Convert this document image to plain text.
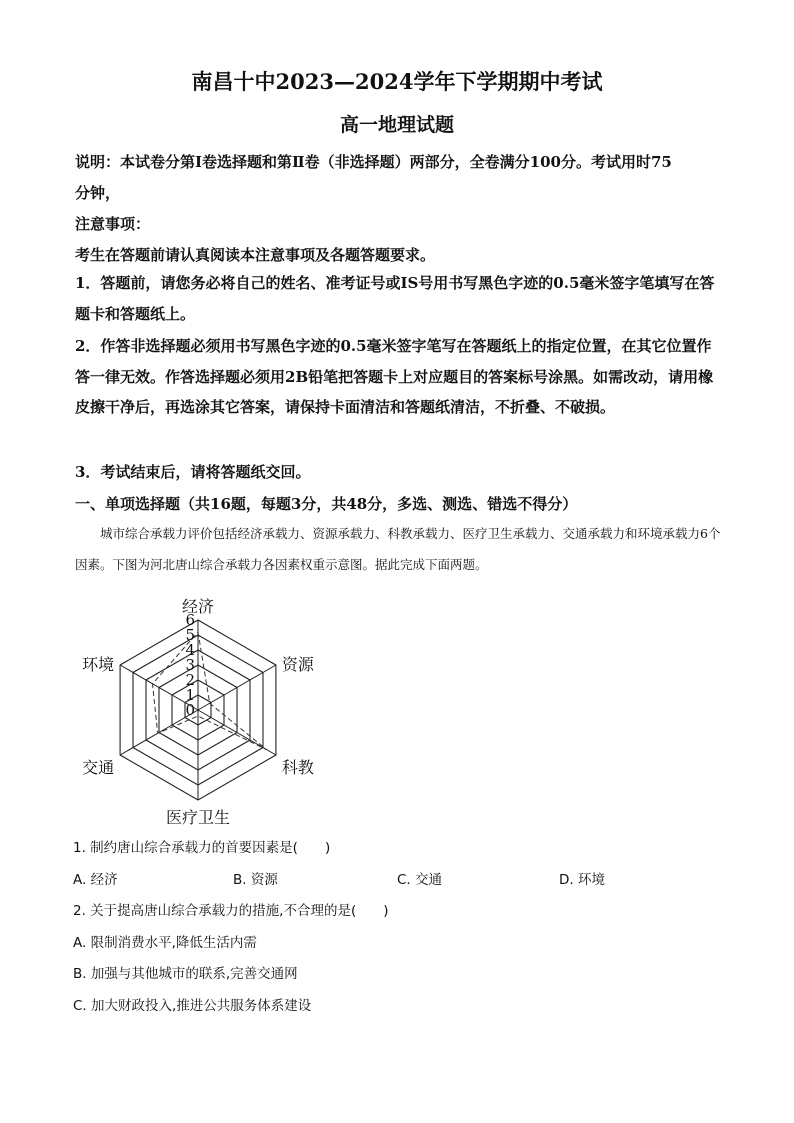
南昌十中2023—2024学年下学期期中考试
高一地理试题
说明：本试卷分第Ⅰ卷选择题和第Ⅱ卷（非选择题）两部分，全卷满分100分。考试用时75
分钟，
注意事项：
考生在答题前请认真阅读本注意事项及各题答题要求。

1．答题前，请您务必将自己的姓名、准考证号或IS号用书写黑色字迹的0.5毫米签字笔填写在答题卡和答题纸上。

2．作答非选择题必须用书写黑色字迹的0.5毫米签字笔写在答题纸上的指定位置，在其它位置作答一律无效。作答选择题必须用2B铅笔把答题卡上对应题目的答案标号涂黑。如需改动，请用橡皮擦干净后，再选涂其它答案，请保持卡面清洁和答题纸清洁，不折叠、不破损。

3．考试结束后，请将答题纸交回。
一、单项选择题（共16题，每题3分，共48分，多选、测选、错选不得分）

城市综合承载力评价包括经济承载力、资源承载力、科教承载力、医疗卫生承载力、交通承载力和环境承载力6个因素。下图为河北唐山综合承载力各因素权重示意图。据此完成下面两题。

0
1
2
3
4
5
6
经济
资源
科教
医疗卫生
交通
环境
1. 制约唐山综合承载力的首要因素是(　　)
A. 经济	B. 资源	C. 交通	D. 环境
2. 关于提高唐山综合承载力的措施,不合理的是(　　)
A. 限制消费水平,降低生活内需
B. 加强与其他城市的联系,完善交通网
C. 加大财政投入,推进公共服务体系建设
